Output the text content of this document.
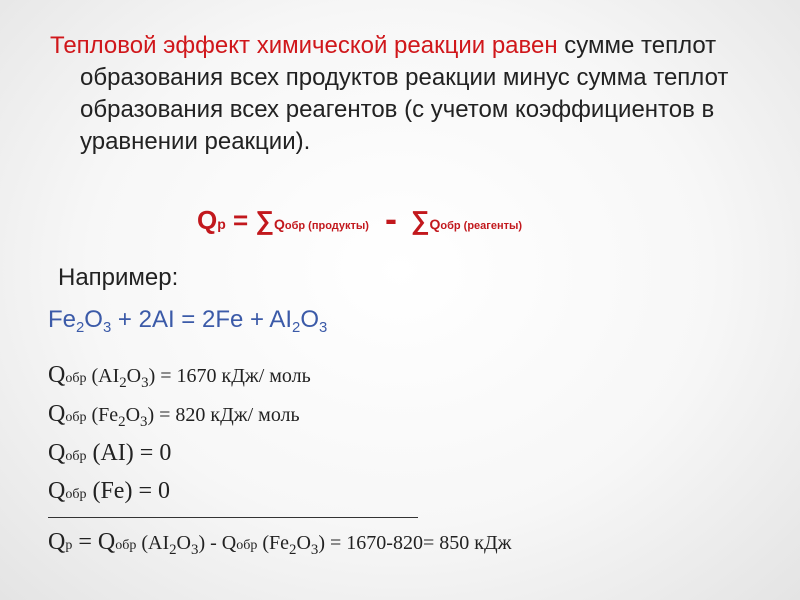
Тепловой эффект химической реакции равен сумме теплот образования всех продуктов реакции минус сумма теплот образования всех реагентов (с учетом коэффициентов в уравнении реакции).

Qp = ∑Qобр (продукты) - ∑Qобр (реагенты)
Например:
$Fe_2O_3 + 2AI = 2Fe + AI_2O_3$
Qобр $(AI_2O_3) = 1670$ кДж/ моль
Qобр $(Fe_2O_3) = 820$ кДж/ моль
Qобр (AI) = 0
Qобр (Fe) = 0
Qр = Qобр $(AI_2O_3)$ - Qобр $(Fe_2O_3) = 1670-820= 850$ кДж
